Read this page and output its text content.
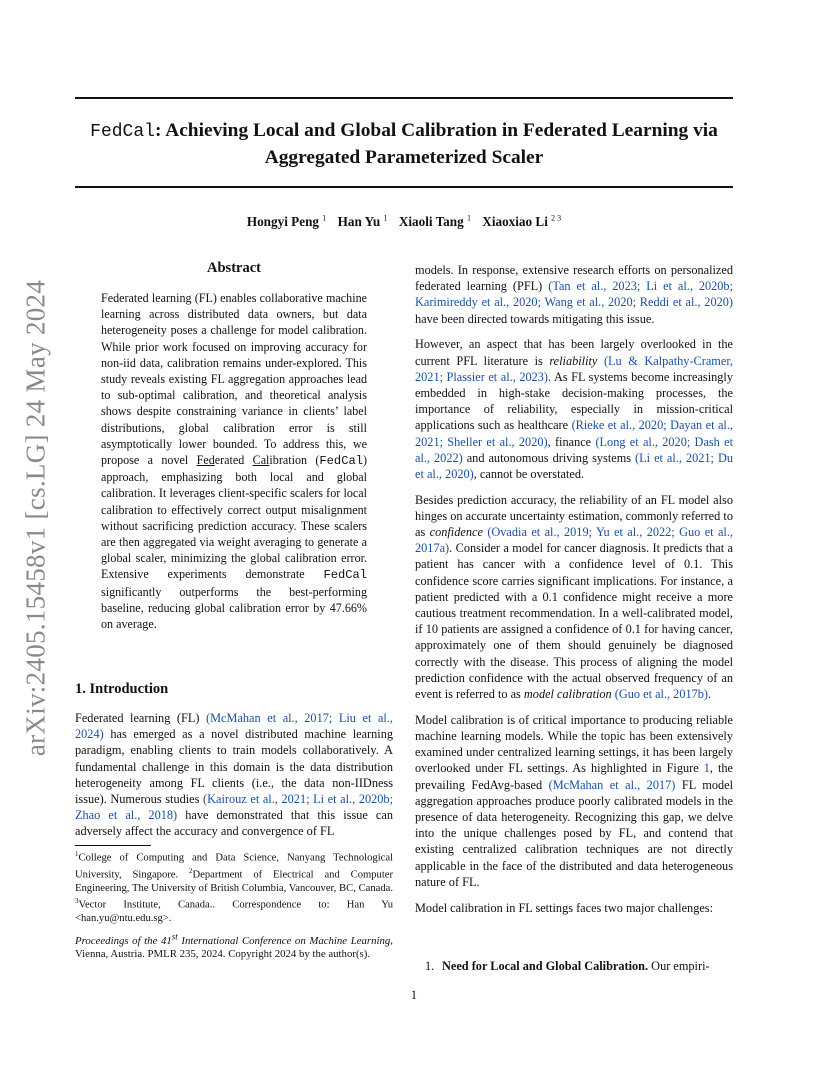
arXiv:2405.15458v1 [cs.LG] 24 May 2024
FedCal: Achieving Local and Global Calibration in Federated Learning via
Aggregated Parameterized Scaler
Hongyi Peng $^1$ Han Yu $^1$ Xiaoli Tang $^1$ Xiaoxiao Li $^{2 3}$
Abstract

Federated learning (FL) enables collaborative machine learning across distributed data owners, but data heterogeneity poses a challenge for model calibration. While prior work focused on improving accuracy for non-iid data, calibration remains under-explored. This study reveals existing FL aggregation approaches lead to sub-optimal calibration, and theoretical analysis shows despite constraining variance in clients’ label distributions, global calibration error is still asymptotically lower bounded. To address this, we propose a novel Federated Calibration (FedCal) approach, emphasizing both local and global calibration. It leverages client-specific scalers for local calibration to effectively correct output misalignment without sacrificing prediction accuracy. These scalers are then aggregated via weight averaging to generate a global scaler, minimizing the global calibration error. Extensive experiments demonstrate FedCal significantly outperforms the best-performing baseline, reducing global calibration error by 47.66% on average.

1. Introduction

Federated learning (FL) (McMahan et al., 2017; Liu et al., 2024) has emerged as a novel distributed machine learning paradigm, enabling clients to train models collaboratively. A fundamental challenge in this domain is the data distribution heterogeneity among FL clients (i.e., the data non-IIDness issue). Numerous studies (Kairouz et al., 2021; Li et al., 2020b; Zhao et al., 2018) have demonstrated that this issue can adversely affect the accuracy and convergence of FL

$^1$College of Computing and Data Science, Nanyang Technological University, Singapore. $^2$Department of Electrical and Computer Engineering, The University of British Columbia, Vancouver, BC, Canada. $^3$Vector Institute, Canada.. Correspondence to: Han Yu <han.yu@ntu.edu.sg>.
Proceedings of the 41st International Conference on Machine Learning, Vienna, Austria. PMLR 235, 2024. Copyright 2024 by the author(s).

models. In response, extensive research efforts on personalized federated learning (PFL) (Tan et al., 2023; Li et al., 2020b; Karimireddy et al., 2020; Wang et al., 2020; Reddi et al., 2020) have been directed towards mitigating this issue.

However, an aspect that has been largely overlooked in the current PFL literature is reliability (Lu & Kalpathy-Cramer, 2021; Plassier et al., 2023). As FL systems become increasingly embedded in high-stake decision-making processes, the importance of reliability, especially in mission-critical applications such as healthcare (Rieke et al., 2020; Dayan et al., 2021; Sheller et al., 2020), finance (Long et al., 2020; Dash et al., 2022) and autonomous driving systems (Li et al., 2021; Du et al., 2020), cannot be overstated.

Besides prediction accuracy, the reliability of an FL model also hinges on accurate uncertainty estimation, commonly referred to as confidence (Ovadia et al., 2019; Yu et al., 2022; Guo et al., 2017a). Consider a model for cancer diagnosis. It predicts that a patient has cancer with a confidence level of 0.1. This confidence score carries significant implications. For instance, a patient predicted with a 0.1 confidence might receive a more cautious treatment recommendation. In a well-calibrated model, if 10 patients are assigned a confidence of 0.1 for having cancer, approximately one of them should genuinely be diagnosed correctly with the disease. This process of aligning the model prediction confidence with the actual observed frequency of an event is referred to as model calibration (Guo et al., 2017b).

Model calibration is of critical importance to producing reliable machine learning models. While the topic has been extensively examined under centralized learning settings, it has been largely overlooked under FL settings. As highlighted in Figure 1, the prevailing FedAvg-based (McMahan et al., 2017) FL model aggregation approaches produce poorly calibrated models in the presence of data heterogeneity. Recognizing this gap, we delve into the unique challenges posed by FL, and contend that existing centralized calibration techniques are not directly applicable in the face of the distributed and data heterogeneous nature of FL.

Model calibration in FL settings faces two major challenges:

1. Need for Local and Global Calibration. Our empiri-
1
